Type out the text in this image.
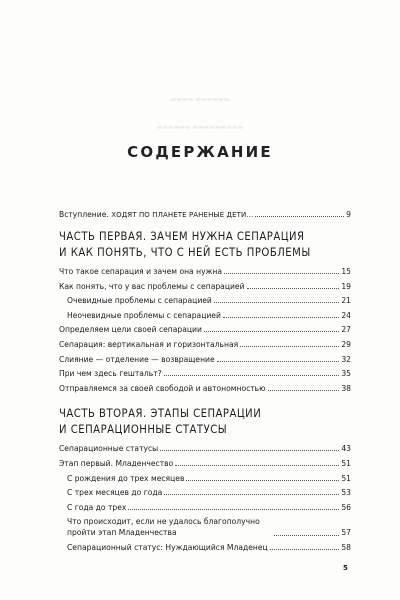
▬▬▬▬ ▬▬▬▬▬▬
▬▬▬▬▬▬ ▬▬▬▬▬▬▬▬▬
СОДЕРЖАНИЕ
Вступление. ХОДЯТ ПО ПЛАНЕТЕ РАНЕНЫЕ ДЕТИ...	9
ЧАСТЬ ПЕРВАЯ. ЗАЧЕМ НУЖНА СЕПАРАЦИЯ
И КАК ПОНЯТЬ, ЧТО С НЕЙ ЕСТЬ ПРОБЛЕМЫ
Что такое сепарация и зачем она нужна	15
Как понять, что у вас проблемы с сепарацией	19
Очевидные проблемы с сепарацией	21
Неочевидные проблемы с сепарацией	24
Определяем цели своей сепарации	27
Сепарация: вертикальная и горизонтальная	29
Слияние — отделение — возвращение	32
При чем здесь гештальт?	35
Отправляемся за своей свободой и автономностью	38
ЧАСТЬ ВТОРАЯ. ЭТАПЫ СЕПАРАЦИИ
И СЕПАРАЦИОННЫЕ СТАТУСЫ
Сепарационные статусы	43
Этап первый. Младенчество	51
С рождения до трех месяцев	51
С трех месяцев до года	53
С года до трех	56
Что происходит, если не удалось благополучно пройти этап Младенчества	57
Сепарационный статус: Нуждающийся Младенец	58
5
